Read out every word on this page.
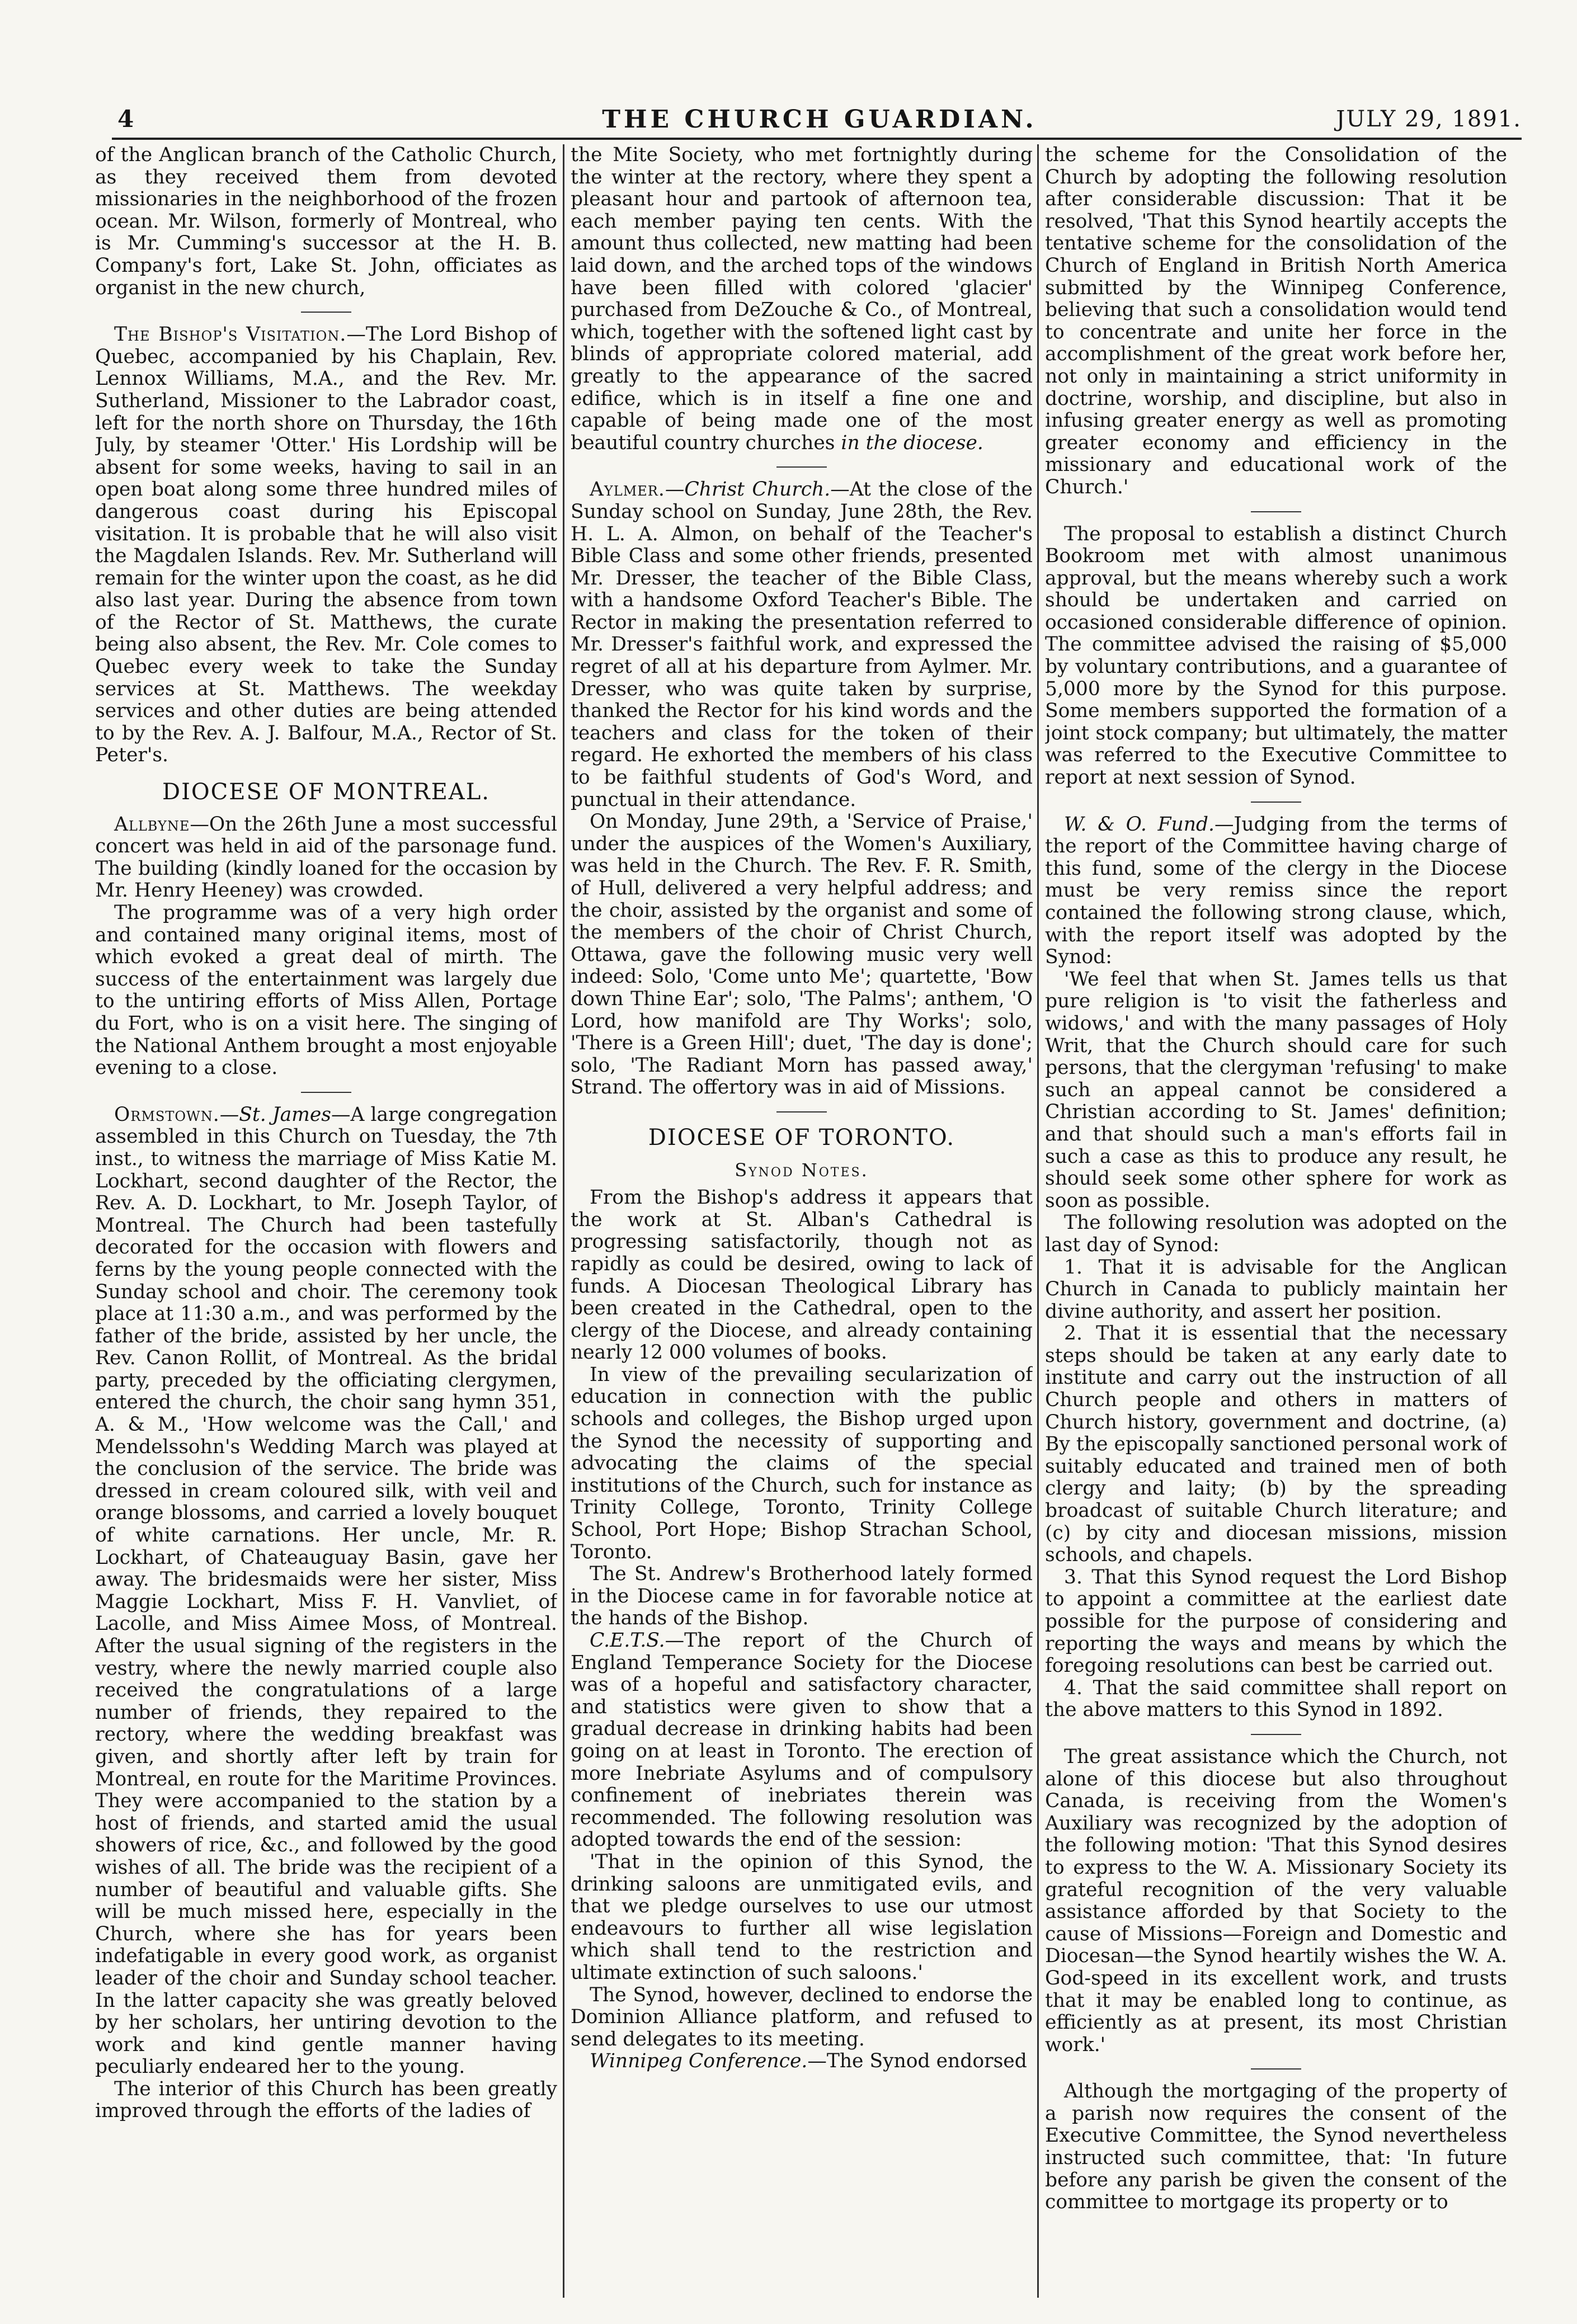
4	THE CHURCH GUARDIAN.	JULY 29, 1891.

of the Anglican branch of the Catholic Church, as they received them from devoted missionaries in the neighborhood of the frozen ocean. Mr. Wilson, formerly of Montreal, who is Mr. Cumming's successor at the H. B. Company's fort, Lake St. John, officiates as organist in the new church,

The Bishop's Visitation.—The Lord Bishop of Quebec, accompanied by his Chaplain, Rev. Lennox Williams, M.A., and the Rev. Mr. Sutherland, Missioner to the Labrador coast, left for the north shore on Thursday, the 16th July, by steamer 'Otter.' His Lordship will be absent for some weeks, having to sail in an open boat along some three hundred miles of dangerous coast during his Episcopal visitation. It is probable that he will also visit the Magdalen Islands. Rev. Mr. Sutherland will remain for the winter upon the coast, as he did also last year. During the absence from town of the Rector of St. Matthews, the curate being also absent, the Rev. Mr. Cole comes to Quebec every week to take the Sunday services at St. Matthews. The weekday services and other duties are being attended to by the Rev. A. J. Balfour, M.A., Rector of St. Peter's.

DIOCESE OF MONTREAL.

Allbyne—On the 26th June a most successful concert was held in aid of the parsonage fund. The building (kindly loaned for the occasion by Mr. Henry Heeney) was crowded.

The programme was of a very high order and contained many original items, most of which evoked a great deal of mirth. The success of the entertainment was largely due to the untiring efforts of Miss Allen, Portage du Fort, who is on a visit here. The singing of the National Anthem brought a most enjoyable evening to a close.

Ormstown.—St. James—A large congregation assembled in this Church on Tuesday, the 7th inst., to witness the marriage of Miss Katie M. Lockhart, second daughter of the Rector, the Rev. A. D. Lockhart, to Mr. Joseph Taylor, of Montreal. The Church had been tastefully decorated for the occasion with flowers and ferns by the young people connected with the Sunday school and choir. The ceremony took place at 11:30 a.m., and was performed by the father of the bride, assisted by her uncle, the Rev. Canon Rollit, of Montreal. As the bridal party, preceded by the officiating clergymen, entered the church, the choir sang hymn 351, A. & M., 'How welcome was the Call,' and Mendelssohn's Wedding March was played at the conclusion of the service. The bride was dressed in cream coloured silk, with veil and orange blossoms, and carried a lovely bouquet of white carnations. Her uncle, Mr. R. Lockhart, of Chateauguay Basin, gave her away. The bridesmaids were her sister, Miss Maggie Lockhart, Miss F. H. Vanvliet, of Lacolle, and Miss Aimee Moss, of Montreal. After the usual signing of the registers in the vestry, where the newly married couple also received the congratulations of a large number of friends, they repaired to the rectory, where the wedding breakfast was given, and shortly after left by train for Montreal, en route for the Maritime Provinces. They were accompanied to the station by a host of friends, and started amid the usual showers of rice, &c., and followed by the good wishes of all. The bride was the recipient of a number of beautiful and valuable gifts. She will be much missed here, especially in the Church, where she has for years been indefatigable in every good work, as organist leader of the choir and Sunday school teacher. In the latter capacity she was greatly beloved by her scholars, her untiring devotion to the work and kind gentle manner having peculiarly endeared her to the young.

The interior of this Church has been greatly improved through the efforts of the ladies of

the Mite Society, who met fortnightly during the winter at the rectory, where they spent a pleasant hour and partook of afternoon tea, each member paying ten cents. With the amount thus collected, new matting had been laid down, and the arched tops of the windows have been filled with colored 'glacier' purchased from DeZouche & Co., of Montreal, which, together with the softened light cast by blinds of appropriate colored material, add greatly to the appearance of the sacred edifice, which is in itself a fine one and capable of being made one of the most beautiful country churches in the diocese.

Aylmer.—Christ Church.—At the close of the Sunday school on Sunday, June 28th, the Rev. H. L. A. Almon, on behalf of the Teacher's Bible Class and some other friends, presented Mr. Dresser, the teacher of the Bible Class, with a handsome Oxford Teacher's Bible. The Rector in making the presentation referred to Mr. Dresser's faithful work, and expressed the regret of all at his departure from Aylmer. Mr. Dresser, who was quite taken by surprise, thanked the Rector for his kind words and the teachers and class for the token of their regard. He exhorted the members of his class to be faithful students of God's Word, and punctual in their attendance.

On Monday, June 29th, a 'Service of Praise,' under the auspices of the Women's Auxiliary, was held in the Church. The Rev. F. R. Smith, of Hull, delivered a very helpful address; and the choir, assisted by the organist and some of the members of the choir of Christ Church, Ottawa, gave the following music very well indeed: Solo, 'Come unto Me'; quartette, 'Bow down Thine Ear'; solo, 'The Palms'; anthem, 'O Lord, how manifold are Thy Works'; solo, 'There is a Green Hill'; duet, 'The day is done'; solo, 'The Radiant Morn has passed away,' Strand. The offertory was in aid of Missions.

DIOCESE OF TORONTO.
Synod Notes.

From the Bishop's address it appears that the work at St. Alban's Cathedral is progressing satisfactorily, though not as rapidly as could be desired, owing to lack of funds. A Diocesan Theological Library has been created in the Cathedral, open to the clergy of the Diocese, and already containing nearly 12 000 volumes of books.

In view of the prevailing secularization of education in connection with the public schools and colleges, the Bishop urged upon the Synod the necessity of supporting and advocating the claims of the special institutions of the Church, such for instance as Trinity College, Toronto, Trinity College School, Port Hope; Bishop Strachan School, Toronto.

The St. Andrew's Brotherhood lately formed in the Diocese came in for favorable notice at the hands of the Bishop.

C.E.T.S.—The report of the Church of England Temperance Society for the Diocese was of a hopeful and satisfactory character, and statistics were given to show that a gradual decrease in drinking habits had been going on at least in Toronto. The erection of more Inebriate Asylums and of compulsory confinement of inebriates therein was recommended. The following resolution was adopted towards the end of the session:

'That in the opinion of this Synod, the drinking saloons are unmitigated evils, and that we pledge ourselves to use our utmost endeavours to further all wise legislation which shall tend to the restriction and ultimate extinction of such saloons.'

The Synod, however, declined to endorse the Dominion Alliance platform, and refused to send delegates to its meeting.

Winnipeg Conference.—The Synod endorsed

the scheme for the Consolidation of the Church by adopting the following resolution after considerable discussion: That it be resolved, 'That this Synod heartily accepts the tentative scheme for the consolidation of the Church of England in British North America submitted by the Winnipeg Conference, believing that such a consolidation would tend to concentrate and unite her force in the accomplishment of the great work before her, not only in maintaining a strict uniformity in doctrine, worship, and discipline, but also in infusing greater energy as well as promoting greater economy and efficiency in the missionary and educational work of the Church.'

The proposal to establish a distinct Church Bookroom met with almost unanimous approval, but the means whereby such a work should be undertaken and carried on occasioned considerable difference of opinion. The committee advised the raising of $5,000 by voluntary contributions, and a guarantee of 5,000 more by the Synod for this purpose. Some members supported the formation of a joint stock company; but ultimately, the matter was referred to the Executive Committee to report at next session of Synod.

W. & O. Fund.—Judging from the terms of the report of the Committee having charge of this fund, some of the clergy in the Diocese must be very remiss since the report contained the following strong clause, which, with the report itself was adopted by the Synod:

'We feel that when St. James tells us that pure religion is 'to visit the fatherless and widows,' and with the many passages of Holy Writ, that the Church should care for such persons, that the clergyman 'refusing' to make such an appeal cannot be considered a Christian according to St. James' definition; and that should such a man's efforts fail in such a case as this to produce any result, he should seek some other sphere for work as soon as possible.

The following resolution was adopted on the last day of Synod:

1. That it is advisable for the Anglican Church in Canada to publicly maintain her divine authority, and assert her position.

2. That it is essential that the necessary steps should be taken at any early date to institute and carry out the instruction of all Church people and others in matters of Church history, government and doctrine, (a) By the episcopally sanctioned personal work of suitably educated and trained men of both clergy and laity; (b) by the spreading broadcast of suitable Church literature; and (c) by city and diocesan missions, mission schools, and chapels.

3. That this Synod request the Lord Bishop to appoint a committee at the earliest date possible for the purpose of considering and reporting the ways and means by which the foregoing resolutions can best be carried out.

4. That the said committee shall report on the above matters to this Synod in 1892.

The great assistance which the Church, not alone of this diocese but also throughout Canada, is receiving from the Women's Auxiliary was recognized by the adoption of the following motion: 'That this Synod desires to express to the W. A. Missionary Society its grateful recognition of the very valuable assistance afforded by that Society to the cause of Missions—Foreign and Domestic and Diocesan—the Synod heartily wishes the W. A. God-speed in its excellent work, and trusts that it may be enabled long to continue, as efficiently as at present, its most Christian work.'

Although the mortgaging of the property of a parish now requires the consent of the Executive Committee, the Synod nevertheless instructed such committee, that: 'In future before any parish be given the consent of the committee to mortgage its property or to
